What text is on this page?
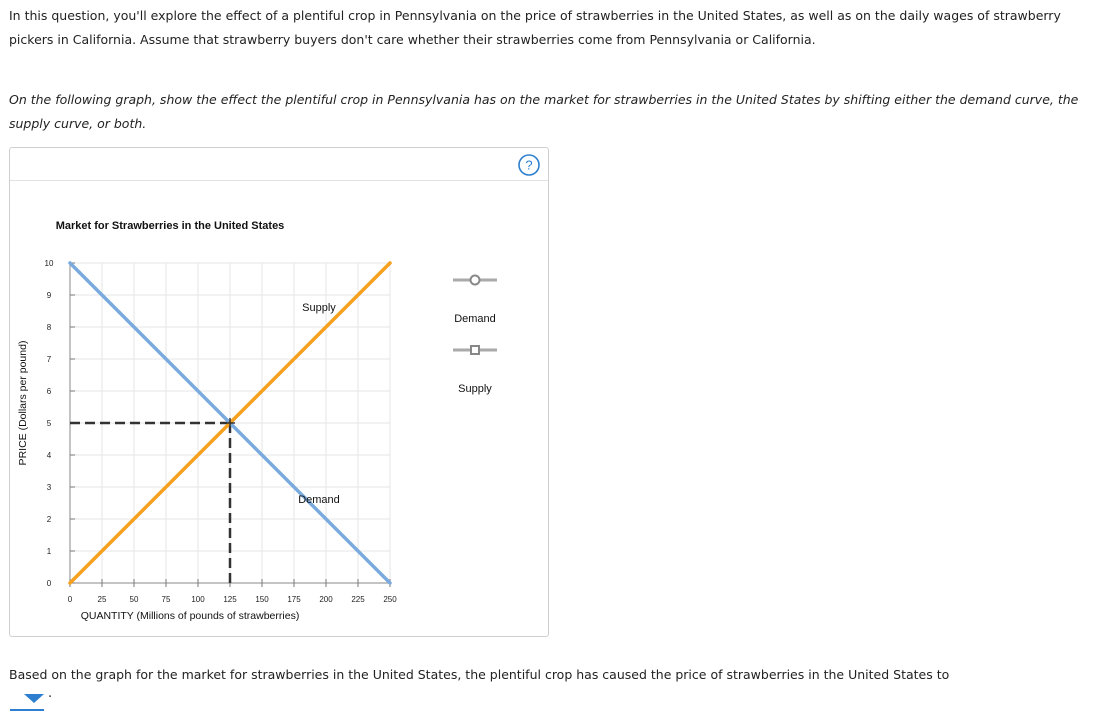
In this question, you'll explore the effect of a plentiful crop in Pennsylvania on the price of strawberries in the United States, as well as on the daily wages of strawberry pickers in California. Assume that strawberry buyers don't care whether their strawberries come from Pennsylvania or California.

On the following graph, show the effect the plentiful crop in Pennsylvania has on the market for strawberries in the United States by shifting either the demand curve, the supply curve, or both.

Market for Strawberries in the United States
0
1
2
3
4
5
6
7
8
9
10
0	25	50	75	100 125 150 175 200 225 250
QUANTITY (Millions of pounds of strawberries)
PRICE (Dollars per pound)
Demand
Supply
Demand
Supply
?

Based on the graph for the market for strawberries in the United States, the plentiful crop has caused the price of strawberries in the United States to

.
